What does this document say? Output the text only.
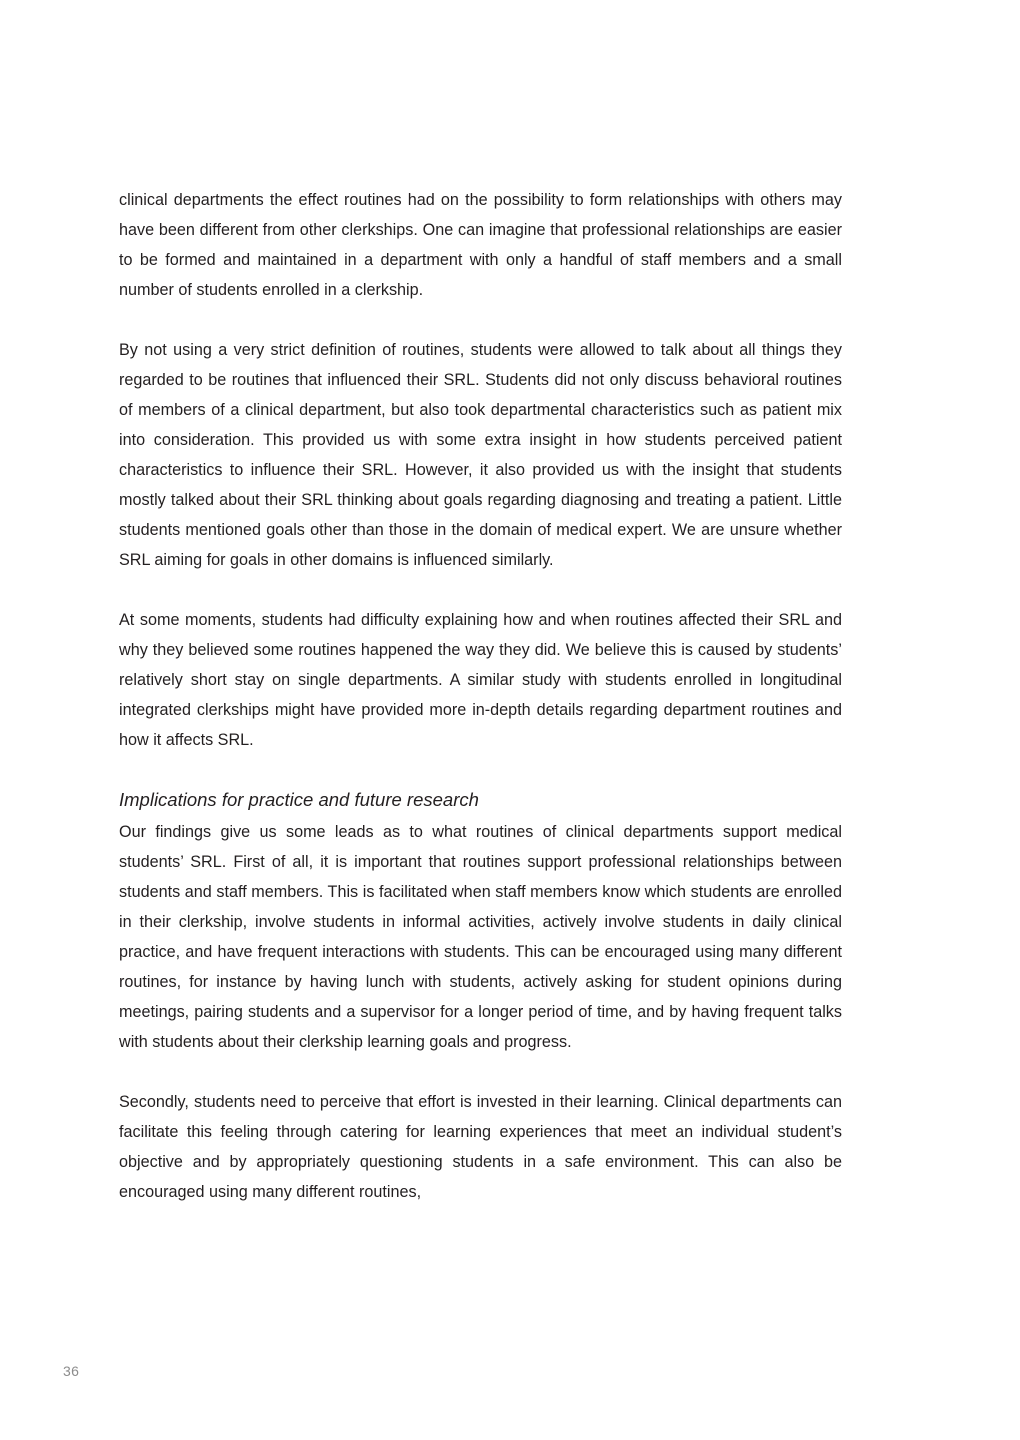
clinical departments the effect routines had on the possibility to form relationships with others may have been different from other clerkships. One can imagine that professional relationships are easier to be formed and maintained in a department with only a handful of staff members and a small number of students enrolled in a clerkship.

By not using a very strict definition of routines, students were allowed to talk about all things they regarded to be routines that influenced their SRL. Students did not only discuss behavioral routines of members of a clinical department, but also took departmental characteristics such as patient mix into consideration. This provided us with some extra insight in how students perceived patient characteristics to influence their SRL. However, it also provided us with the insight that students mostly talked about their SRL thinking about goals regarding diagnosing and treating a patient. Little students mentioned goals other than those in the domain of medical expert. We are unsure whether SRL aiming for goals in other domains is influenced similarly.

At some moments, students had difficulty explaining how and when routines affected their SRL and why they believed some routines happened the way they did. We believe this is caused by students’ relatively short stay on single departments. A similar study with students enrolled in longitudinal integrated clerkships might have provided more in-depth details regarding department routines and how it affects SRL.

Implications for practice and future research

Our findings give us some leads as to what routines of clinical departments support medical students’ SRL. First of all, it is important that routines support professional relationships between students and staff members. This is facilitated when staff members know which students are enrolled in their clerkship, involve students in informal activities, actively involve students in daily clinical practice, and have frequent interactions with students. This can be encouraged using many different routines, for instance by having lunch with students, actively asking for student opinions during meetings, pairing students and a supervisor for a longer period of time, and by having frequent talks with students about their clerkship learning goals and progress.

Secondly, students need to perceive that effort is invested in their learning. Clinical departments can facilitate this feeling through catering for learning experiences that meet an individual student’s objective and by appropriately questioning students in a safe environment. This can also be encouraged using many different routines,

36
